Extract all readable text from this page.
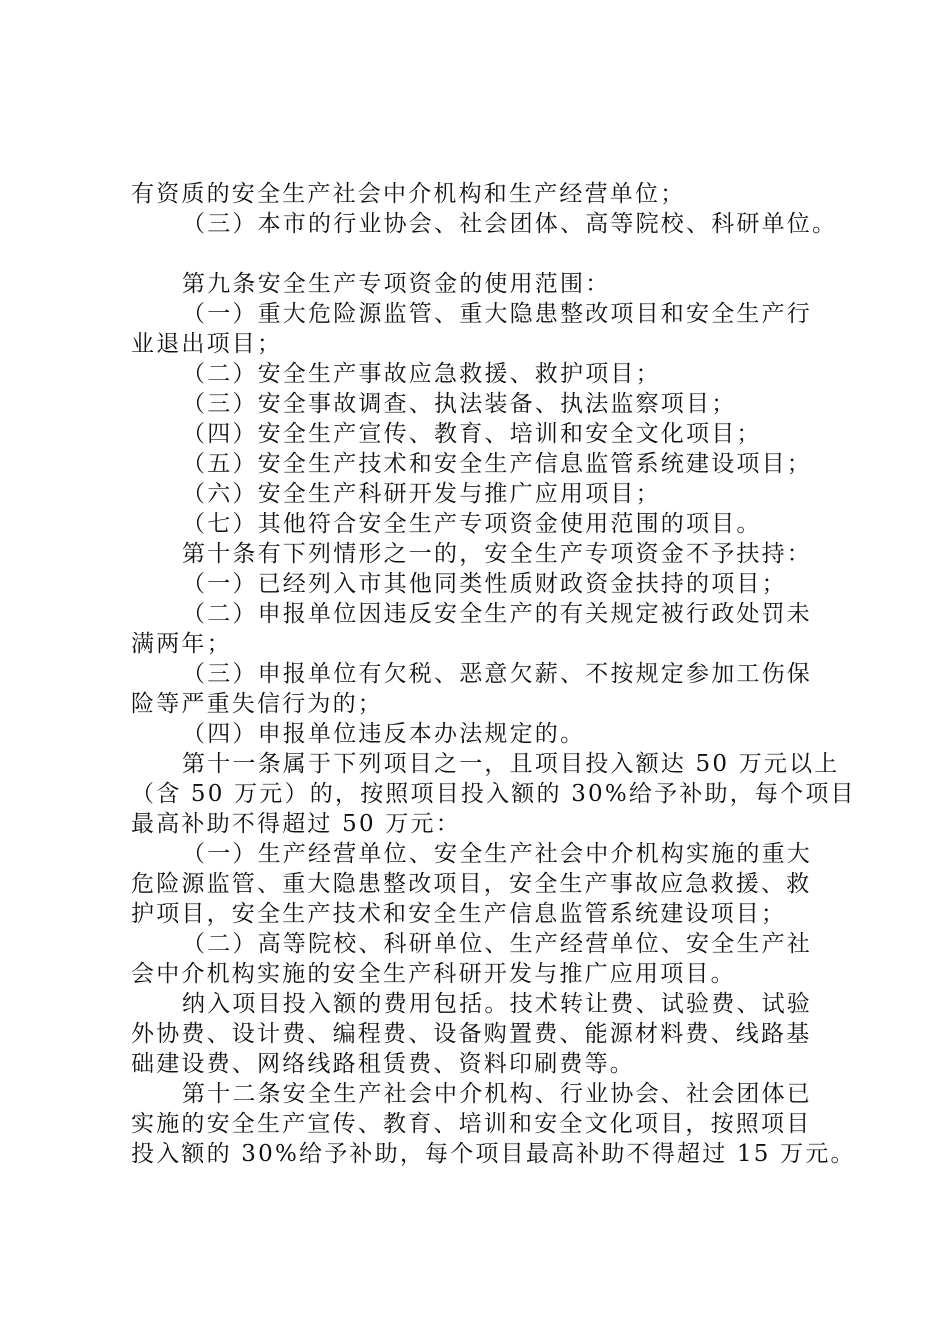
有资质的安全生产社会中介机构和生产经营单位；
（三）本市的行业协会、社会团体、高等院校、科研单位。
第九条安全生产专项资金的使用范围：
（一）重大危险源监管、重大隐患整改项目和安全生产行
业退出项目；
（二）安全生产事故应急救援、救护项目；
（三）安全事故调查、执法装备、执法监察项目；
（四）安全生产宣传、教育、培训和安全文化项目；
（五）安全生产技术和安全生产信息监管系统建设项目；
（六）安全生产科研开发与推广应用项目；
（七）其他符合安全生产专项资金使用范围的项目。
第十条有下列情形之一的，安全生产专项资金不予扶持：
（一）已经列入市其他同类性质财政资金扶持的项目；
（二）申报单位因违反安全生产的有关规定被行政处罚未
满两年；
（三）申报单位有欠税、恶意欠薪、不按规定参加工伤保
险等严重失信行为的；
（四）申报单位违反本办法规定的。
第十一条属于下列项目之一，且项目投入额达 50 万元以上
（含 50 万元）的，按照项目投入额的 30%给予补助，每个项目
最高补助不得超过 50 万元：
（一）生产经营单位、安全生产社会中介机构实施的重大
危险源监管、重大隐患整改项目，安全生产事故应急救援、救
护项目，安全生产技术和安全生产信息监管系统建设项目；
（二）高等院校、科研单位、生产经营单位、安全生产社
会中介机构实施的安全生产科研开发与推广应用项目。
纳入项目投入额的费用包括。技术转让费、试验费、试验
外协费、设计费、编程费、设备购置费、能源材料费、线路基
础建设费、网络线路租赁费、资料印刷费等。
第十二条安全生产社会中介机构、行业协会、社会团体已
实施的安全生产宣传、教育、培训和安全文化项目，按照项目
投入额的 30%给予补助，每个项目最高补助不得超过 15 万元。
